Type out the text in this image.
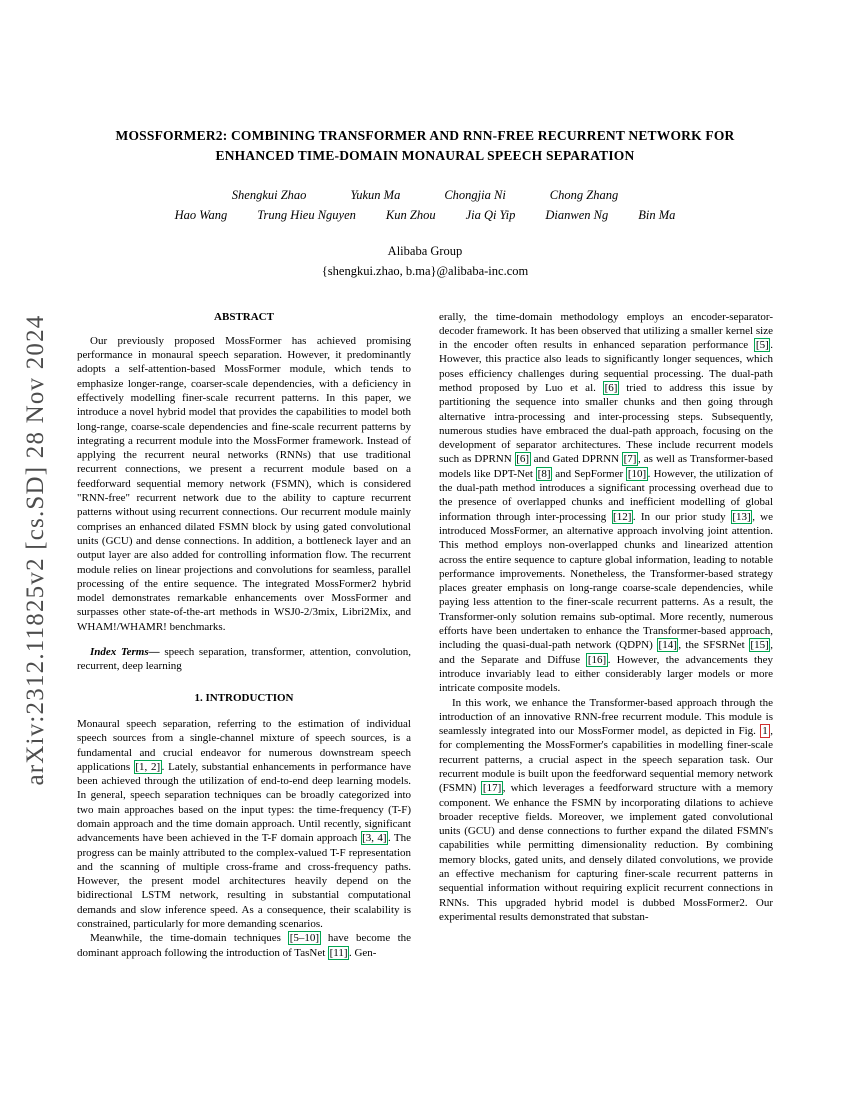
arXiv:2312.11825v2 [cs.SD] 28 Nov 2024
MOSSFORMER2: COMBINING TRANSFORMER AND RNN-FREE RECURRENT NETWORK FOR ENHANCED TIME-DOMAIN MONAURAL SPEECH SEPARATION
Shengkui Zhao	Yukun Ma	Chongjia Ni	Chong Zhang
Hao Wang Trung Hieu Nguyen Kun Zhou Jia Qi Yip Dianwen Ng Bin Ma
Alibaba Group
{shengkui.zhao, b.ma}@alibaba-inc.com
ABSTRACT

Our previously proposed MossFormer has achieved promising performance in monaural speech separation. However, it predominantly adopts a self-attention-based MossFormer module, which tends to emphasize longer-range, coarser-scale dependencies, with a deficiency in effectively modelling finer-scale recurrent patterns. In this paper, we introduce a novel hybrid model that provides the capabilities to model both long-range, coarse-scale dependencies and fine-scale recurrent patterns by integrating a recurrent module into the MossFormer framework. Instead of applying the recurrent neural networks (RNNs) that use traditional recurrent connections, we present a recurrent module based on a feedforward sequential memory network (FSMN), which is considered "RNN-free" recurrent network due to the ability to capture recurrent patterns without using recurrent connections. Our recurrent module mainly comprises an enhanced dilated FSMN block by using gated convolutional units (GCU) and dense connections. In addition, a bottleneck layer and an output layer are also added for controlling information flow. The recurrent module relies on linear projections and convolutions for seamless, parallel processing of the entire sequence. The integrated MossFormer2 hybrid model demonstrates remarkable enhancements over MossFormer and surpasses other state-of-the-art methods in WSJ0-2/3mix, Libri2Mix, and WHAM!/WHAMR! benchmarks.

Index Terms— speech separation, transformer, attention, convolution, recurrent, deep learning

1. INTRODUCTION

Monaural speech separation, referring to the estimation of individual speech sources from a single-channel mixture of speech sources, is a fundamental and crucial endeavor for numerous downstream speech applications [1, 2] . Lately, substantial enhancements in performance have been achieved through the utilization of end-to-end deep learning models. In general, speech separation techniques can be broadly categorized into two main approaches based on the input types: the time-frequency (T-F) domain approach and the time domain approach. Until recently, significant advancements have been achieved in the T-F domain approach [3, 4] . The progress can be mainly attributed to the complex-valued T-F representation and the scanning of multiple cross-frame and cross-frequency paths. However, the present model architectures heavily depend on the bidirectional LSTM network, resulting in substantial computational demands and slow inference speed. As a consequence, their scalability is constrained, particularly for more demanding scenarios.

Meanwhile, the time-domain techniques [5–10] have become the dominant approach following the introduction of TasNet [11] . Gen-

erally, the time-domain methodology employs an encoder-separator-decoder framework. It has been observed that utilizing a smaller kernel size in the encoder often results in enhanced separation performance [5] . However, this practice also leads to significantly longer sequences, which poses efficiency challenges during sequential processing. The dual-path method proposed by Luo et al. [6] tried to address this issue by partitioning the sequence into smaller chunks and then going through alternative intra-processing and inter-processing steps. Subsequently, numerous studies have embraced the dual-path approach, focusing on the development of separator architectures. These include recurrent models such as DPRNN [6] and Gated DPRNN [7] , as well as Transformer-based models like DPT-Net [8] and SepFormer [10] . However, the utilization of the dual-path method introduces a significant processing overhead due to the presence of overlapped chunks and inefficient modelling of global information through inter-processing [12] . In our prior study [13] , we introduced MossFormer, an alternative approach involving joint attention. This method employs non-overlapped chunks and linearized attention across the entire sequence to capture global information, leading to notable performance improvements. Nonetheless, the Transformer-based strategy places greater emphasis on long-range coarse-scale dependencies, while paying less attention to the finer-scale recurrent patterns. As a result, the Transformer-only solution remains sub-optimal. More recently, numerous efforts have been undertaken to enhance the Transformer-based approach, including the quasi-dual-path network (QDPN) [14] , the SFSRNet [15] , and the Separate and Diffuse [16] . However, the advancements they introduce invariably lead to either considerably larger models or more intricate composite models.

In this work, we enhance the Transformer-based approach through the introduction of an innovative RNN-free recurrent module. This module is seamlessly integrated into our MossFormer model, as depicted in Fig. 1 , for complementing the MossFormer's capabilities in modelling finer-scale recurrent patterns, a crucial aspect in the speech separation task. Our recurrent module is built upon the feedforward sequential memory network (FSMN) [17] , which leverages a feedforward structure with a memory component. We enhance the FSMN by incorporating dilations to achieve broader receptive fields. Moreover, we implement gated convolutional units (GCU) and dense connections to further expand the dilated FSMN's capabilities while permitting dimensionality reduction. By combining memory blocks, gated units, and densely dilated convolutions, we provide an effective mechanism for capturing finer-scale recurrent patterns in sequential information without requiring explicit recurrent connections in RNNs. This upgraded hybrid model is dubbed MossFormer2. Our experimental results demonstrated that substan-
